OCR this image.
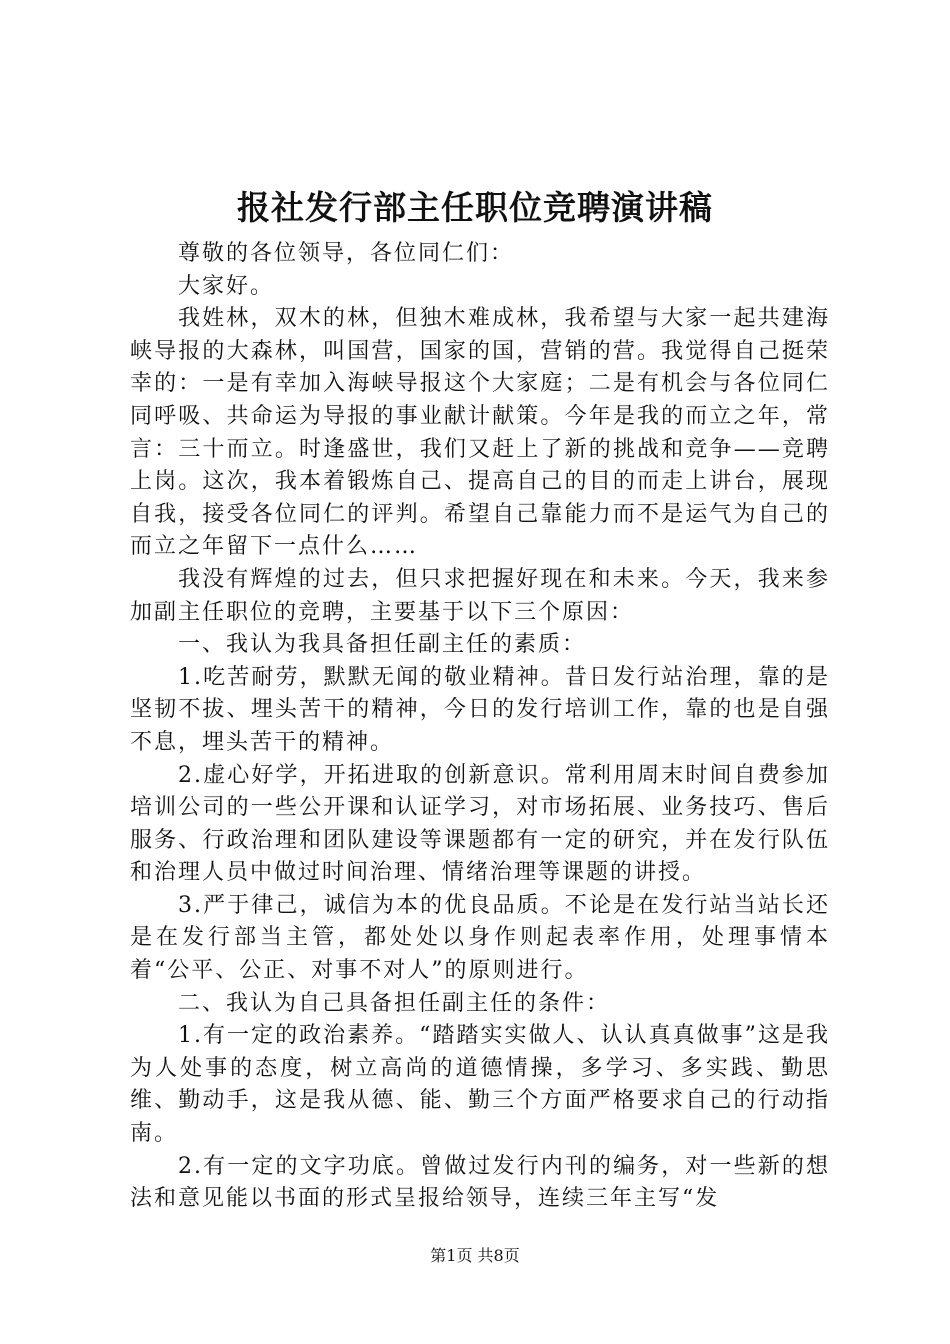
报社发行部主任职位竞聘演讲稿

尊敬的各位领导，各位同仁们：

大家好。

我姓林，双木的林，但独木难成林，我希望与大家一起共建海峡导报的大森林，叫国营，国家的国，营销的营。我觉得自己挺荣幸的：一是有幸加入海峡导报这个大家庭；二是有机会与各位同仁同呼吸、共命运为导报的事业献计献策。今年是我的而立之年，常言：三十而立。时逢盛世，我们又赶上了新的挑战和竞争——竞聘上岗。这次，我本着锻炼自己、提高自己的目的而走上讲台，展现自我，接受各位同仁的评判。希望自己靠能力而不是运气为自己的而立之年留下一点什么……

我没有辉煌的过去，但只求把握好现在和未来。今天，我来参加副主任职位的竞聘，主要基于以下三个原因：

一、我认为我具备担任副主任的素质：

1.吃苦耐劳，默默无闻的敬业精神。昔日发行站治理，靠的是坚韧不拔、埋头苦干的精神，今日的发行培训工作，靠的也是自强不息，埋头苦干的精神。

2.虚心好学，开拓进取的创新意识。常利用周末时间自费参加培训公司的一些公开课和认证学习，对市场拓展、业务技巧、售后服务、行政治理和团队建设等课题都有一定的研究，并在发行队伍和治理人员中做过时间治理、情绪治理等课题的讲授。

3.严于律己，诚信为本的优良品质。不论是在发行站当站长还是在发行部当主管，都处处以身作则起表率作用，处理事情本着“公平、公正、对事不对人”的原则进行。

二、我认为自己具备担任副主任的条件：

1.有一定的政治素养。“踏踏实实做人、认认真真做事”这是我为人处事的态度，树立高尚的道德情操，多学习、多实践、勤思维、勤动手，这是我从德、能、勤三个方面严格要求自己的行动指南。

2.有一定的文字功底。曾做过发行内刊的编务，对一些新的想法和意见能以书面的形式呈报给领导，连续三年主写“发

第1页 共8页
